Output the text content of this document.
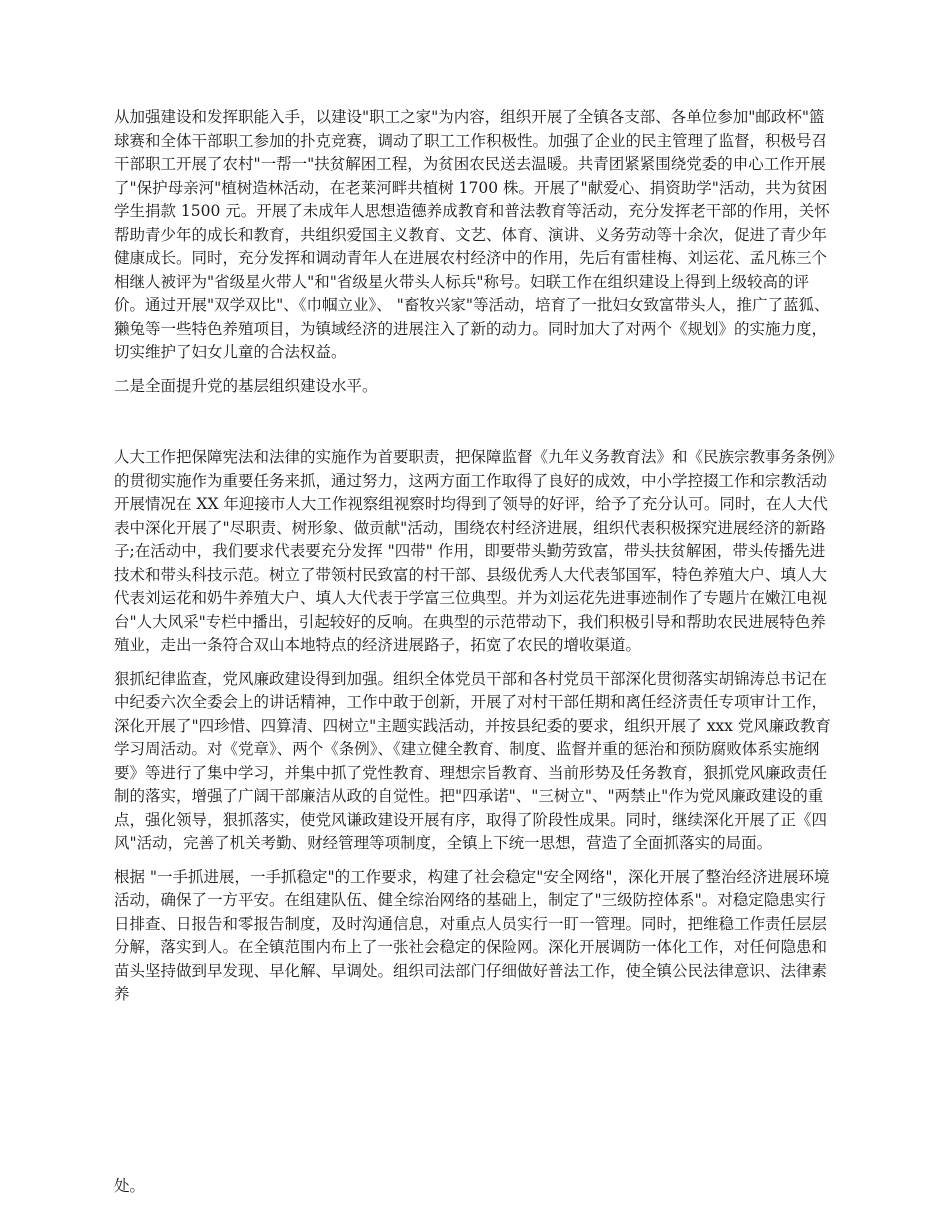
从加强建设和发挥职能入手，以建设"职工之家"为内容，组织开展了全镇各支部、各单位参加"邮政杯"篮球赛和全体干部职工参加的扑克竞赛，调动了职工工作积极性。加强了企业的民主管理了监督，积极号召干部职工开展了农村"一帮一"扶贫解困工程，为贫困农民送去温暖。共青团紧紧围绕党委的申心工作开展了"保护母亲河"植树造林活动，在老莱河畔共植树 1700 株。开展了"献爱心、捐资助学"活动，共为贫困学生捐款 1500 元。开展了未成年人思想造德养成教育和普法教育等活动，充分发挥老干部的作用，关怀帮助青少年的成长和教育，共组织爱国主义教育、文艺、体育、演讲、义务劳动等十余次，促进了青少年健康成长。同时，充分发挥和调动青年人在进展农村经济中的作用，先后有雷桂梅、刘运花、孟凡栋三个相继人被评为"省级星火带人"和"省级星火带头人标兵"称号。妇联工作在组织建设上得到上级较高的评价。通过开展"双学双比"、《巾帼立业》、 "畜牧兴家"等活动，培育了一批妇女致富带头人，推广了蓝狐、獭兔等一些特色养殖项目，为镇域经济的进展注入了新的动力。同时加大了对两个《规划》的实施力度，切实维护了妇女儿童的合法权益。

二是全面提升党的基层组织建设水平。

人大工作把保障宪法和法律的实施作为首要职责，把保障监督《九年义务教育法》和《民族宗教事务条例》的贯彻实施作为重要任务来抓，通过努力，这两方面工作取得了良好的成效，中小学控掇工作和宗教活动开展情况在 XX 年迎接市人大工作视察组视察时均得到了领导的好评，给予了充分认可。同时，在人大代表中深化开展了"尽职责、树形象、做贡献"活动，围绕农村经济进展，组织代表积极探究进展经济的新路子;在活动中，我们要求代表要充分发挥 "四带" 作用，即要带头勤劳致富，带头扶贫解困，带头传播先进技术和带头科技示范。树立了带领村民致富的村干部、县级优秀人大代表邹国军，特色养殖大户、填人大代表刘运花和奶牛养殖大户、填人大代表于学富三位典型。并为刘运花先进事迹制作了专题片在嫩江电视台"人大风采"专栏中播出，引起较好的反响。在典型的示范带动下，我们积极引导和帮助农民进展特色养殖业，走出一条符合双山本地特点的经济进展路子，拓宽了农民的增收渠道。

狠抓纪律监查，党风廉政建设得到加强。组织全体党员干部和各村党员干部深化贯彻落实胡锦涛总书记在中纪委六次全委会上的讲话精神，工作中敢于创新，开展了对村干部任期和离任经济责任专项审计工作，深化开展了"四珍惜、四算清、四树立"主题实践活动，并按县纪委的要求，组织开展了 xxx 党风廉政教育学习周活动。对《党章》、两个《条例》、《建立健全教育、制度、监督并重的惩治和预防腐败体系实施纲要》等进行了集中学习，并集中抓了党性教育、理想宗旨教育、当前形势及任务教育，狠抓党风廉政责任制的落实，增强了广阔干部廉洁从政的自觉性。把"四承诺"、"三树立"、"两禁止"作为党风廉政建设的重点，强化领导，狠抓落实，使党风谦政建设开展有序，取得了阶段性成果。同时，继续深化开展了正《四风"活动，完善了机关考勤、财经管理等项制度，全镇上下统一思想，营造了全面抓落实的局面。

根据 "一手抓进展，一手抓稳定"的工作要求，构建了社会稳定"安全网络"，深化开展了整治经济进展环境活动，确保了一方平安。在组建队伍、健全综治网络的基础上，制定了"三级防控体系"。对稳定隐患实行日排查、日报告和零报告制度，及时沟通信息，对重点人员实行一盯一管理。同时，把维稳工作责任层层分解，落实到人。在全镇范围内布上了一张社会稳定的保险网。深化开展调防一体化工作，对任何隐患和苗头坚持做到早发现、早化解、早调处。组织司法部门仔细做好普法工作，使全镇公民法律意识、法律素养

处。
